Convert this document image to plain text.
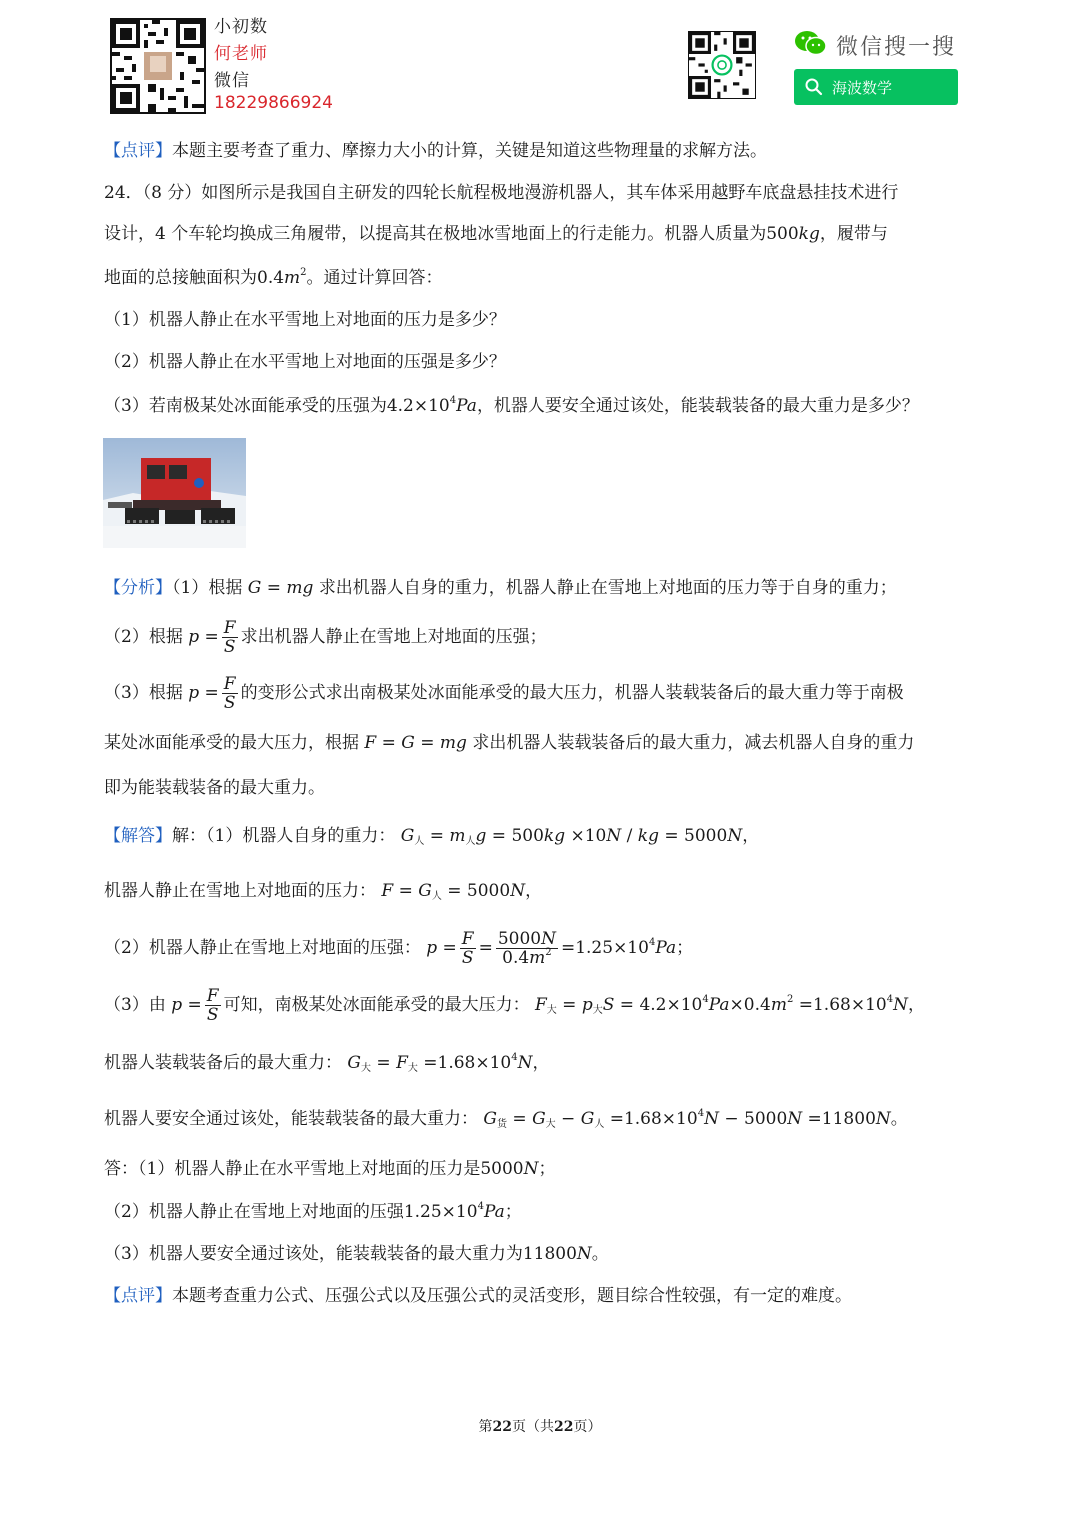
小初数
何老师
微信
18229866924
微信搜一搜
海波数学
【点评】本题主要考查了重力、摩擦力大小的计算，关键是知道这些物理量的求解方法。
24．（8 分）如图所示是我国自主研发的四轮长航程极地漫游机器人，其车体采用越野车底盘悬挂技术进行
设计，4 个车轮均换成三角履带，以提高其在极地冰雪地面上的行走能力。机器人质量为500kg，履带与
地面的总接触面积为$0.4m^2$。通过计算回答：
（1）机器人静止在水平雪地上对地面的压力是多少？
（2）机器人静止在水平雪地上对地面的压强是多少？
（3）若南极某处冰面能承受的压强为$4.2\times 10^4Pa$，机器人要安全通过该处，能装载装备的最大重力是多少？
【分析】（1）根据 G = mg 求出机器人自身的重力，机器人静止在雪地上对地面的压力等于自身的重力；
（2）根据 $p = \frac{F}{S}$ 求出机器人静止在雪地上对地面的压强；
（3）根据 $p = \frac{F}{S}$ 的变形公式求出南极某处冰面能承受的最大压力，机器人装载装备后的最大重力等于南极
某处冰面能承受的最大压力，根据 F = G = mg 求出机器人装载装备后的最大重力，减去机器人自身的重力
即为能装载装备的最大重力。
【解答】解：（1）机器人自身的重力： $G_人 = m_人g = 500kg \times 10N$ / kg = 5000N，
机器人静止在雪地上对地面的压力： $F = G_人 = 5000N$，
（2）机器人静止在雪地上对地面的压强： $p = \frac{F}{S} = \frac{5000N}{0.4m^2} =1.25\times 10^4Pa$；
（3）由 $p = \frac{F}{S}$ 可知，南极某处冰面能承受的最大压力： $F_大 = p_大S = 4.2\times 10^4Pa\times 0.4m^2 =1.68\times 10^4N$，
机器人装载装备后的最大重力： $G_大 = F_大 =1.68\times 10^4N$，
机器人要安全通过该处，能装载装备的最大重力： $G_货 = G_大 - G_人 =1.68\times 10^4N - 5000N =11800N$。
答：（1）机器人静止在水平雪地上对地面的压力是5000N；
（2）机器人静止在雪地上对地面的压强$1.25\times 10^4Pa$；
（3）机器人要安全通过该处，能装载装备的最大重力为11800N。
【点评】本题考查重力公式、压强公式以及压强公式的灵活变形，题目综合性较强，有一定的难度。
第22页（共22页）
